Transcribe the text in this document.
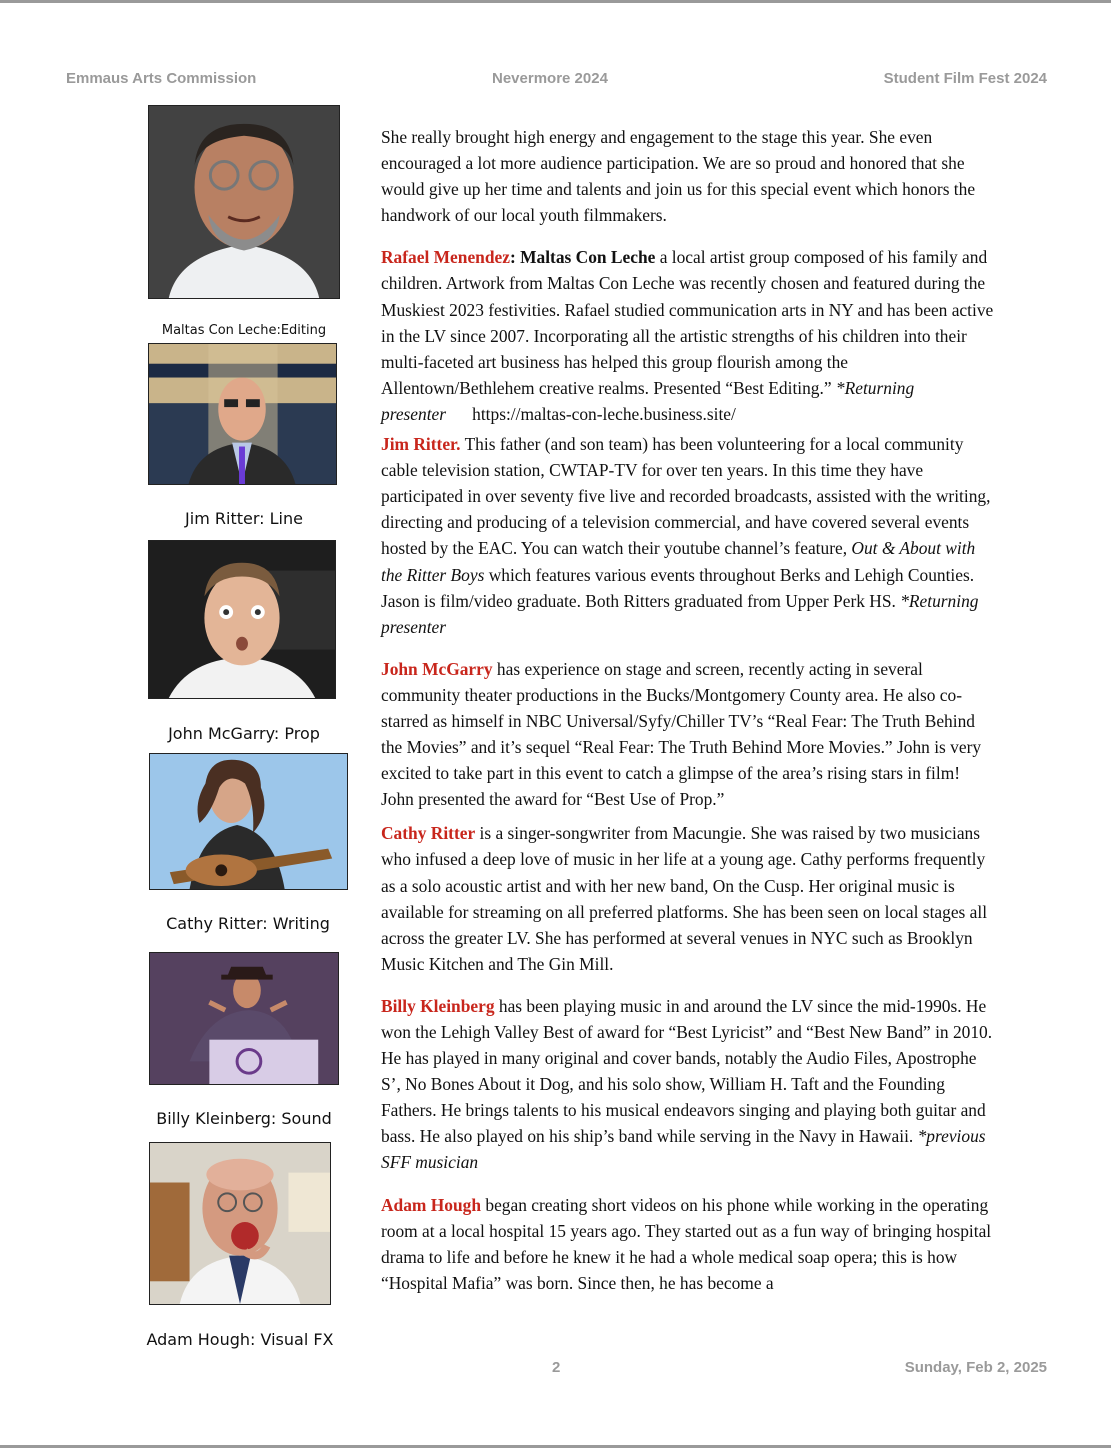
Emmaus Arts Commission	Nevermore 2024	Student Film Fest 2024
Maltas Con Leche:Editing
Jim Ritter: Line
John McGarry: Prop
Cathy Ritter: Writing
Billy Kleinberg: Sound
Adam Hough: Visual FX

She really brought high energy and engagement to the stage this year. She even encouraged a lot more audience participation. We are so proud and honored that she would give up her time and talents and join us for this special event which honors the handwork of our local youth filmmakers.

Rafael Menendez: Maltas Con Leche a local artist group composed of his family and children. Artwork from Maltas Con Leche was recently chosen and featured during the Muskiest 2023 festivities. Rafael studied communication arts in NY and has been active in the LV since 2007. Incorporating all the artistic strengths of his children into their multi-faceted art business has helped this group flourish among the Allentown/Bethlehem creative realms. Presented “Best Editing.” *Returning presenter https://maltas-con-leche.business.site/

Jim Ritter. This father (and son team) has been volunteering for a local community cable television station, CWTAP-TV for over ten years. In this time they have participated in over seventy five live and recorded broadcasts, assisted with the writing, directing and producing of a television commercial, and have covered several events hosted by the EAC. You can watch their youtube channel’s feature, Out & About with the Ritter Boys which features various events throughout Berks and Lehigh Counties. Jason is film/video graduate. Both Ritters graduated from Upper Perk HS. *Returning presenter

John McGarry has experience on stage and screen, recently acting in several community theater productions in the Bucks/Montgomery County area. He also co-starred as himself in NBC Universal/Syfy/Chiller TV’s “Real Fear: The Truth Behind the Movies” and it’s sequel “Real Fear: The Truth Behind More Movies.” John is very excited to take part in this event to catch a glimpse of the area’s rising stars in film! John presented the award for “Best Use of Prop.”

Cathy Ritter is a singer-songwriter from Macungie. She was raised by two musicians who infused a deep love of music in her life at a young age. Cathy performs frequently as a solo acoustic artist and with her new band, On the Cusp. Her original music is available for streaming on all preferred platforms. She has been seen on local stages all across the greater LV. She has performed at several venues in NYC such as Brooklyn Music Kitchen and The Gin Mill.

Billy Kleinberg has been playing music in and around the LV since the mid-1990s. He won the Lehigh Valley Best of award for “Best Lyricist” and “Best New Band” in 2010. He has played in many original and cover bands, notably the Audio Files, Apostrophe S’, No Bones About it Dog, and his solo show, William H. Taft and the Founding Fathers. He brings talents to his musical endeavors singing and playing both guitar and bass. He also played on his ship’s band while serving in the Navy in Hawaii. *previous SFF musician

Adam Hough began creating short videos on his phone while working in the operating room at a local hospital 15 years ago. They started out as a fun way of bringing hospital drama to life and before he knew it he had a whole medical soap opera; this is how “Hospital Mafia” was born. Since then, he has become a

2	Sunday, Feb 2, 2025
